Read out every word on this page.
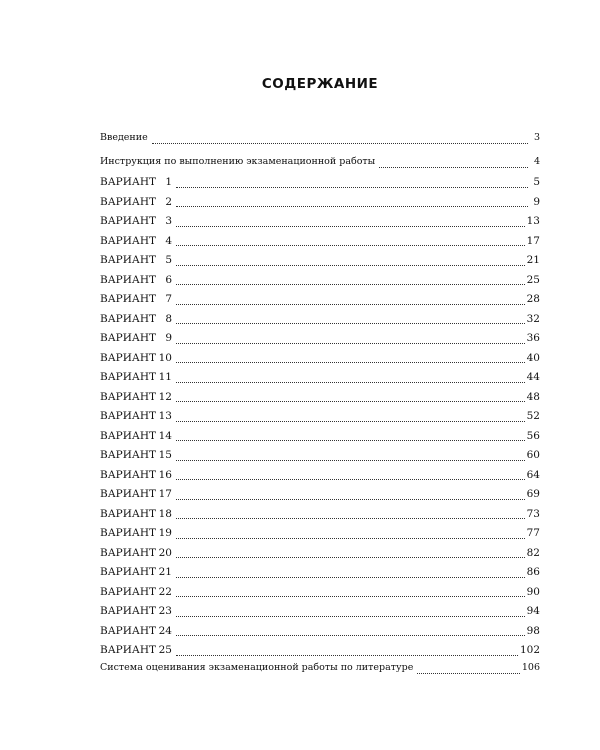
СОДЕРЖАНИЕ
Введение	3
Инструкция по выполнению экзаменационной работы	4
ВАРИАНТ 1	5
ВАРИАНТ 2	9
ВАРИАНТ 3	13
ВАРИАНТ 4	17
ВАРИАНТ 5	21
ВАРИАНТ 6	25
ВАРИАНТ 7	28
ВАРИАНТ 8	32
ВАРИАНТ 9	36
ВАРИАНТ 10	40
ВАРИАНТ 11	44
ВАРИАНТ 12	48
ВАРИАНТ 13	52
ВАРИАНТ 14	56
ВАРИАНТ 15	60
ВАРИАНТ 16	64
ВАРИАНТ 17	69
ВАРИАНТ 18	73
ВАРИАНТ 19	77
ВАРИАНТ 20	82
ВАРИАНТ 21	86
ВАРИАНТ 22	90
ВАРИАНТ 23	94
ВАРИАНТ 24	98
ВАРИАНТ 25	102
Система оценивания экзаменационной работы по литературе	106
